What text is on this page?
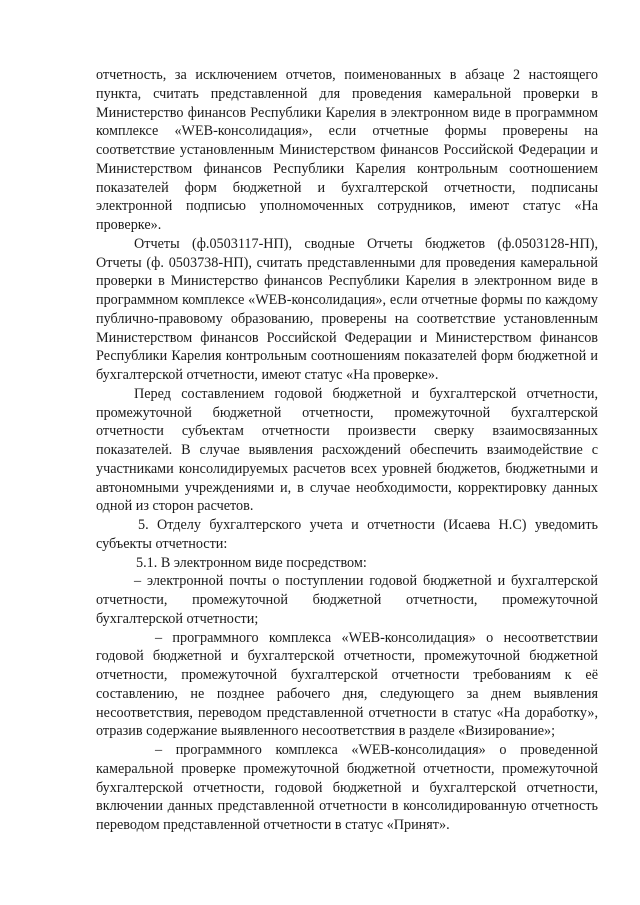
отчетность, за исключением отчетов, поименованных в абзаце 2 настоящего пункта, считать представленной для проведения камеральной проверки в Министерство финансов Республики Карелия в электронном виде в программном комплексе «WEB-консолидация», если отчетные формы проверены на соответствие установленным Министерством финансов Российской Федерации и Министерством финансов Республики Карелия контрольным соотношением показателей форм бюджетной и бухгалтерской отчетности, подписаны электронной подписью уполномоченных сотрудников, имеют статус «На проверке».

Отчеты (ф.0503117-НП), сводные Отчеты бюджетов (ф.0503128-НП), Отчеты (ф. 0503738-НП), считать представленными для проведения камеральной проверки в Министерство финансов Республики Карелия в электронном виде в программном комплексе «WEB-консолидация», если отчетные формы по каждому публично-правовому образованию, проверены на соответствие установленным Министерством финансов Российской Федерации и Министерством финансов Республики Карелия контрольным соотношениям показателей форм бюджетной и бухгалтерской отчетности, имеют статус «На проверке».

Перед составлением годовой бюджетной и бухгалтерской отчетности, промежуточной бюджетной отчетности, промежуточной бухгалтерской отчетности субъектам отчетности произвести сверку взаимосвязанных показателей. В случае выявления расхождений обеспечить взаимодействие с участниками консолидируемых расчетов всех уровней бюджетов, бюджетными и автономными учреждениями и, в случае необходимости, корректировку данных одной из сторон расчетов.

5. Отделу бухгалтерского учета и отчетности (Исаева Н.С) уведомить субъекты отчетности:

5.1. В электронном виде посредством:

– электронной почты о поступлении годовой бюджетной и бухгалтерской отчетности, промежуточной бюджетной отчетности, промежуточной бухгалтерской отчетности;

– программного комплекса «WEB-консолидация» о несоответствии годовой бюджетной и бухгалтерской отчетности, промежуточной бюджетной отчетности, промежуточной бухгалтерской отчетности требованиям к её составлению, не позднее рабочего дня, следующего за днем выявления несоответствия, переводом представленной отчетности в статус «На доработку», отразив содержание выявленного несоответствия в разделе «Визирование»;

– программного комплекса «WEB-консолидация» о проведенной камеральной проверке промежуточной бюджетной отчетности, промежуточной бухгалтерской отчетности, годовой бюджетной и бухгалтерской отчетности, включении данных представленной отчетности в консолидированную отчетность переводом представленной отчетности в статус «Принят».
